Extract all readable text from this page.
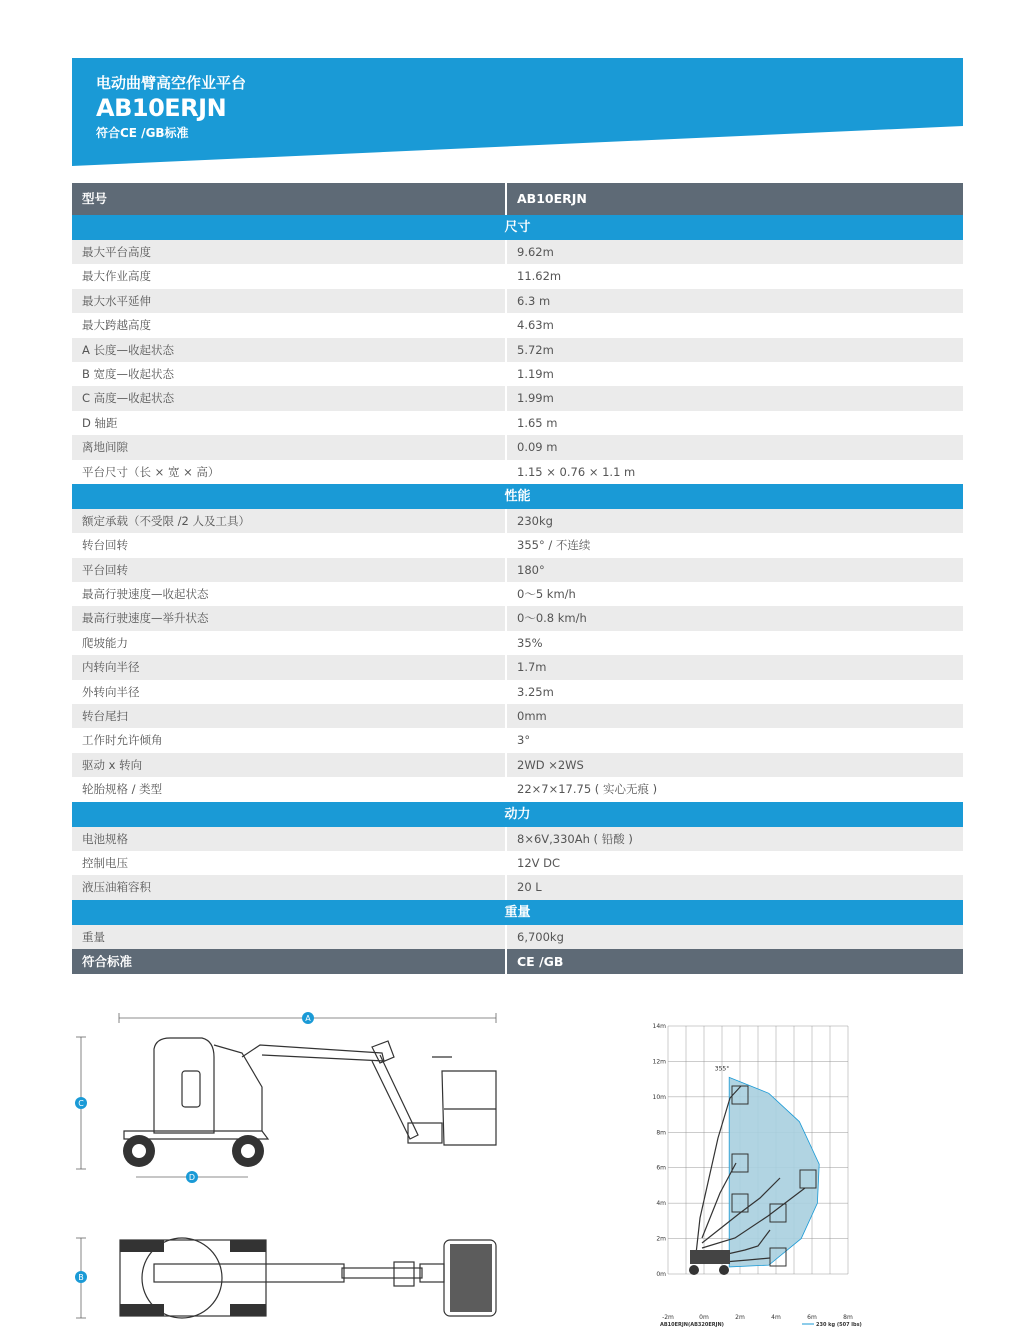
电动曲臂高空作业平台
AB10ERJN
符合CE /GB标准
型号	AB10ERJN
尺寸
最大平台高度	9.62m
最大作业高度	11.62m
最大水平延伸	6.3 m
最大跨越高度	4.63m
A 长度—收起状态	5.72m
B 宽度—收起状态	1.19m
C 高度—收起状态	1.99m
D 轴距	1.65 m
离地间隙	0.09 m
平台尺寸（长 × 宽 × 高）	1.15 × 0.76 × 1.1 m
性能
额定承载（不受限 /2 人及工具）	230kg
转台回转	355° / 不连续
平台回转	180°
最高行驶速度—收起状态	0～5 km/h
最高行驶速度—举升状态	0～0.8 km/h
爬坡能力	35%
内转向半径	1.7m
外转向半径	3.25m
转台尾扫	0mm
工作时允许倾角	3°
驱动 x 转向	2WD ×2WS
轮胎规格 / 类型	22×7×17.75 ( 实心无痕 )
动力
电池规格	8×6V,330Ah ( 铅酸 )
控制电压	12V DC
液压油箱容积	20 L
重量
重量	6,700kg
符合标准	CE /GB
A
C
D
B
-2m	0m	2m	4m	6m	8m
0m
2m
4m
6m
8m
10m
12m
14m
355°
AB10ERJN(AB320ERJN)	230 kg (507 lbs)
